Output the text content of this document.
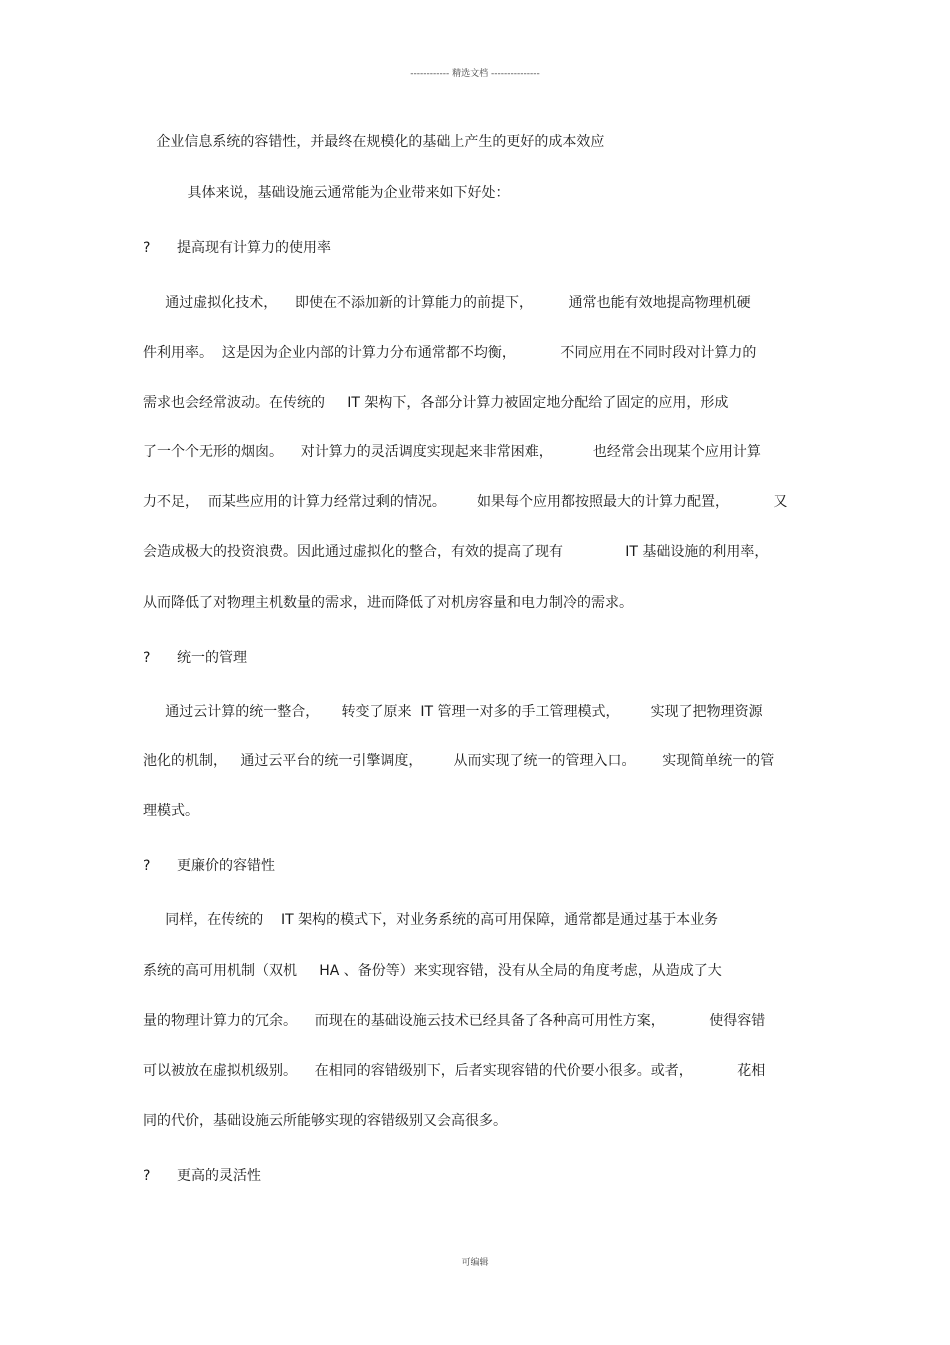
------------ 精选文档 ---------------
企业信息系统的容错性，并最终在规模化的基础上产生的更好的成本效应
具体来说，基础设施云通常能为企业带来如下好处：
? 提高现有计算力的使用率
通过虚拟化技术，    即使在不添加新的计算能力的前提下，        通常也能有效地提高物理机硬
件利用率。  这是因为企业内部的计算力分布通常都不均衡，          不同应用在不同时段对计算力的
需求也会经常波动。在传统的     IT 架构下，各部分计算力被固定地分配给了固定的应用，形成
了一个个无形的烟囱。    对计算力的灵活调度实现起来非常困难，         也经常会出现某个应用计算
力不足，  而某些应用的计算力经常过剩的情况。       如果每个应用都按照最大的计算力配置，          又
会造成极大的投资浪费。因此通过虚拟化的整合，有效的提高了现有              IT 基础设施的利用率，
从而降低了对物理主机数量的需求，进而降低了对机房容量和电力制冷的需求。
? 统一的管理
通过云计算的统一整合，     转变了原来  IT 管理一对多的手工管理模式，       实现了把物理资源
池化的机制，   通过云平台的统一引擎调度，       从而实现了统一的管理入口。      实现简单统一的管
理模式。
? 更廉价的容错性
同样，在传统的    IT 架构的模式下，对业务系统的高可用保障，通常都是通过基于本业务
系统的高可用机制（双机     HA 、备份等）来实现容错，没有从全局的角度考虑，从造成了大
量的物理计算力的冗余。    而现在的基础设施云技术已经具备了各种高可用性方案，          使得容错
可以被放在虚拟机级别。    在相同的容错级别下，后者实现容错的代价要小很多。或者，          花相
同的代价，基础设施云所能够实现的容错级别又会高很多。
? 更高的灵活性
可编辑
